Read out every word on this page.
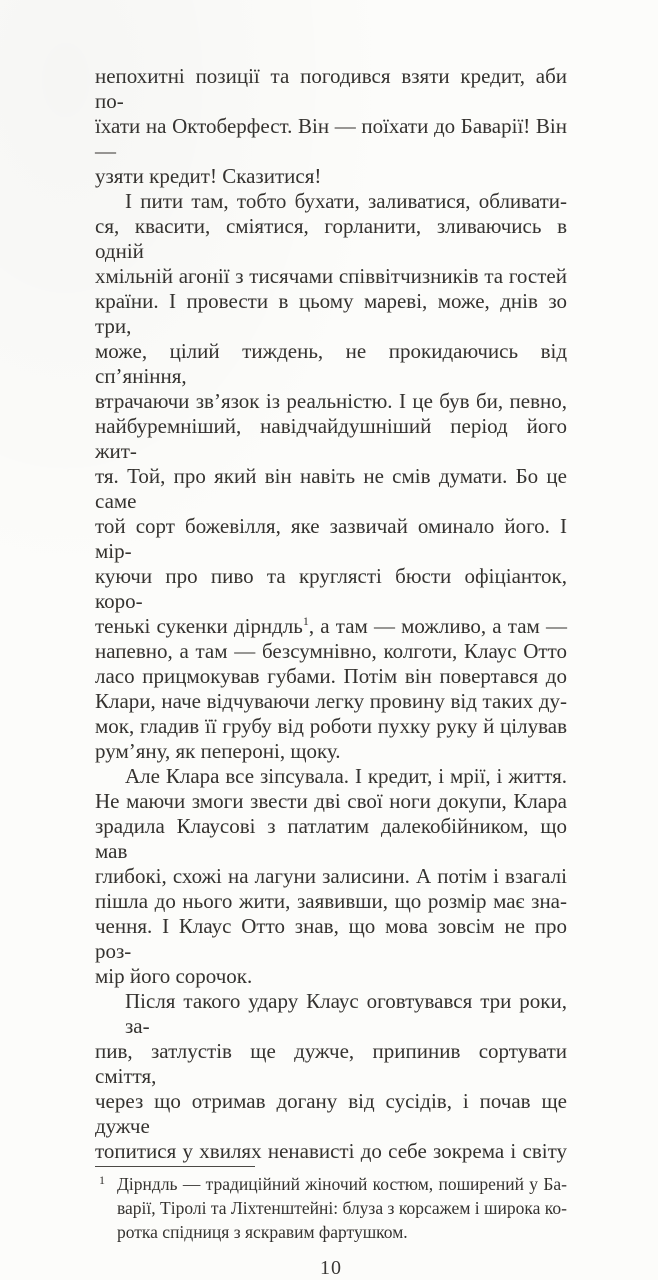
непохитні позиції та погодився взяти кредит, аби по-
їхати на Октоберфест. Він — поїхати до Баварії! Він —
узяти кредит! Сказитися!
І пити там, тобто бухати, заливатися, обливати-
ся, квасити, сміятися, горланити, зливаючись в одній
хмільній агонії з тисячами співвітчизників та гостей
країни. І провести в цьому мареві, може, днів зо три,
може, цілий тиждень, не прокидаючись від сп’яніння,
втрачаючи зв’язок із реальністю. І це був би, певно,
найбуремніший, навідчайдушніший період його жит-
тя. Той, про який він навіть не смів думати. Бо це саме
той сорт божевілля, яке зазвичай оминало його. І мір-
куючи про пиво та круглясті бюсти офіціанток, коро-
тенькі сукенки дірндль$^1$, а там — можливо, а там —
напевно, а там — безсумнівно, колготи, Клаус Отто
ласо прицмокував губами. Потім він повертався до
Клари, наче відчуваючи легку провину від таких ду-
мок, гладив її грубу від роботи пухку руку й цілував
рум’яну, як пепероні, щоку.
Але Клара все зіпсувала. І кредит, і мрії, і життя.
Не маючи змоги звести дві свої ноги докупи, Клара
зрадила Клаусові з патлатим далекобійником, що мав
глибокі, схожі на лагуни залисини. А потім і взагалі
пішла до нього жити, заявивши, що розмір має зна-
чення. І Клаус Отто знав, що мова зовсім не про роз-
мір його сорочок.
Після такого удару Клаус оговтувався три роки, за-
пив, затлустів ще дужче, припинив сортувати сміття,
через що отримав догану від сусідів, і почав ще дужче
топитися у хвилях ненависті до себе зокрема і світу
1 Дірндль — традиційний жіночий костюм, поширений у Ба-
варії, Тіролі та Ліхтенштейні: блуза з корсажем і широка ко-
ротка спідниця з яскравим фартушком.
10
